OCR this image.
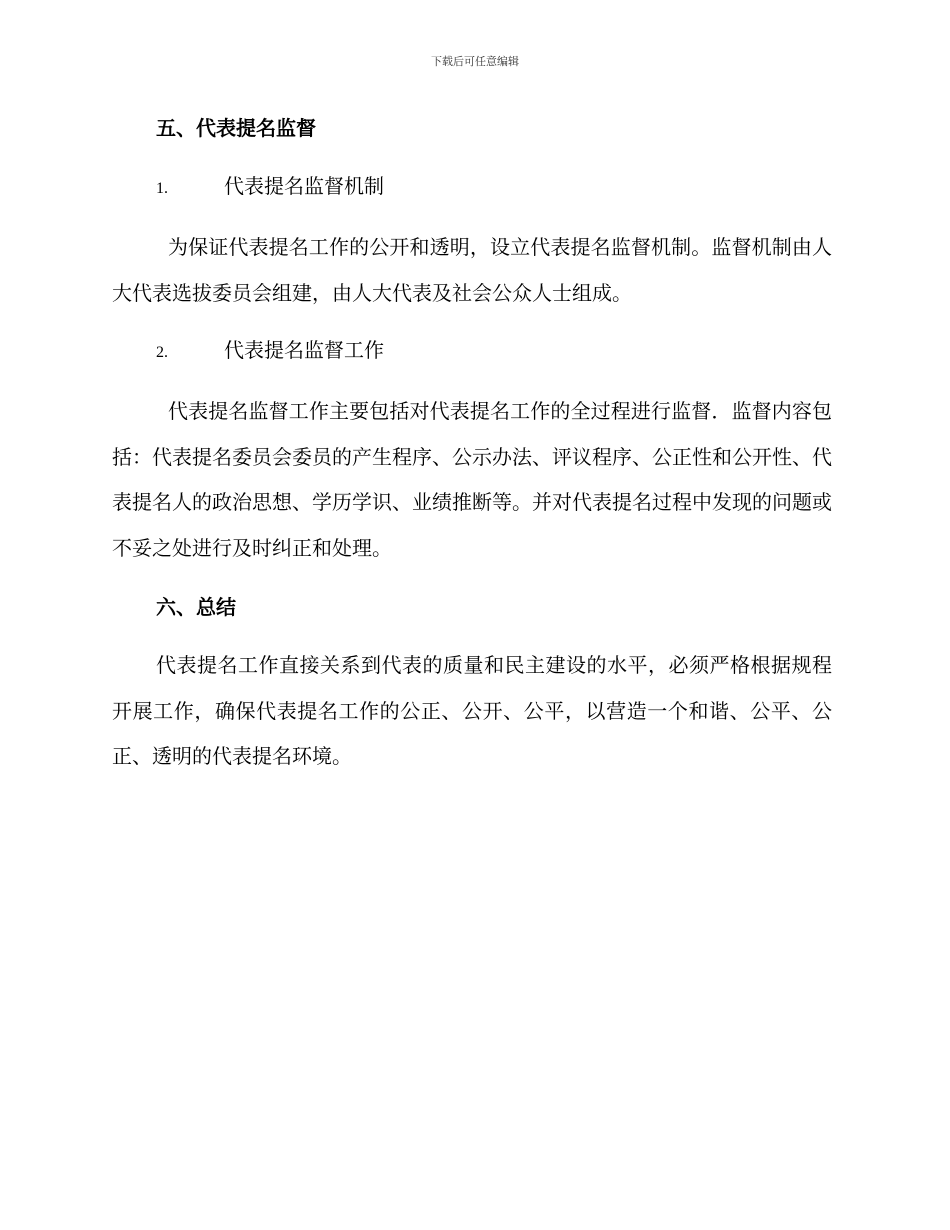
下载后可任意编辑
五、代表提名监督
1.	代表提名监督机制

为保证代表提名工作的公开和透明，设立代表提名监督机制。监督机制由人大代表选拔委员会组建，由人大代表及社会公众人士组成。

2.	代表提名监督工作

代表提名监督工作主要包括对代表提名工作的全过程进行监督．监督内容包括：代表提名委员会委员的产生程序、公示办法、评议程序、公正性和公开性、代表提名人的政治思想、学历学识、业绩推断等。并对代表提名过程中发现的问题或不妥之处进行及时纠正和处理。

六、总结

代表提名工作直接关系到代表的质量和民主建设的水平，必须严格根据规程开展工作，确保代表提名工作的公正、公开、公平，以营造一个和谐、公平、公正、透明的代表提名环境。
